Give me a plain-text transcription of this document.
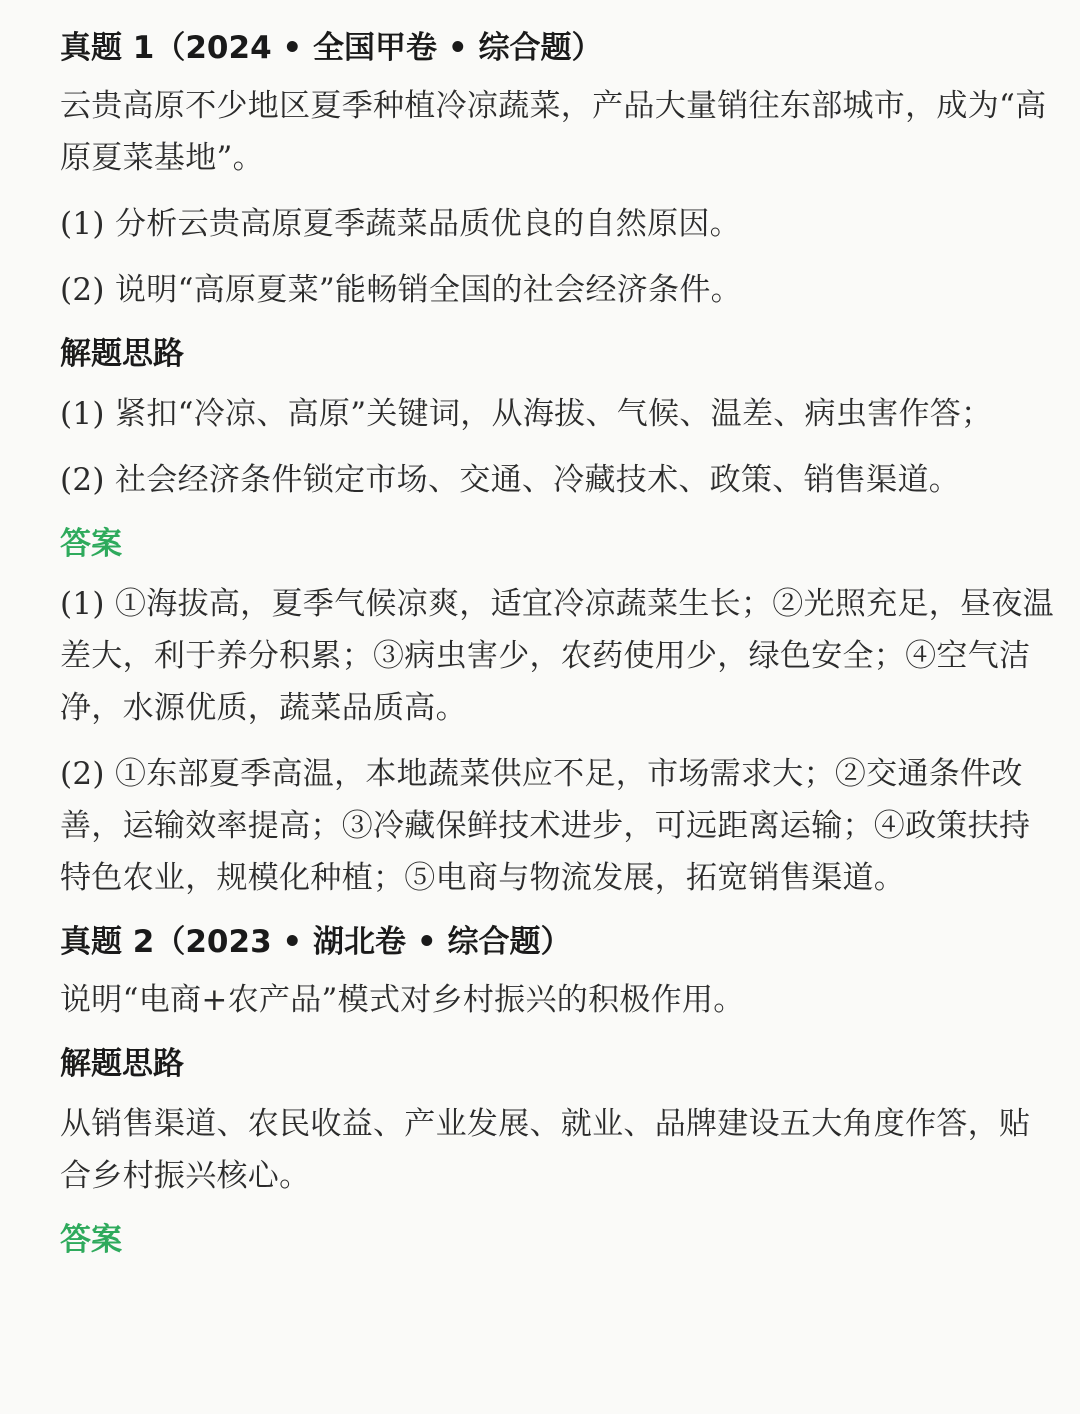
真题 1（2024 • 全国甲卷 • 综合题）

云贵高原不少地区夏季种植冷凉蔬菜，产品大量销往东部城市，成为“高原夏菜基地”。

(1) 分析云贵高原夏季蔬菜品质优良的自然原因。

(2) 说明“高原夏菜”能畅销全国的社会经济条件。

解题思路

(1) 紧扣“冷凉、高原”关键词，从海拔、气候、温差、病虫害作答；

(2) 社会经济条件锁定市场、交通、冷藏技术、政策、销售渠道。

答案

(1) ①海拔高，夏季气候凉爽，适宜冷凉蔬菜生长；②光照充足，昼夜温差大，利于养分积累；③病虫害少，农药使用少，绿色安全；④空气洁净，水源优质，蔬菜品质高。

(2) ①东部夏季高温，本地蔬菜供应不足，市场需求大；②交通条件改善，运输效率提高；③冷藏保鲜技术进步，可远距离运输；④政策扶持特色农业，规模化种植；⑤电商与物流发展，拓宽销售渠道。

真题 2（2023 • 湖北卷 • 综合题）

说明“电商+农产品”模式对乡村振兴的积极作用。

解题思路

从销售渠道、农民收益、产业发展、就业、品牌建设五大角度作答，贴合乡村振兴核心。

答案
